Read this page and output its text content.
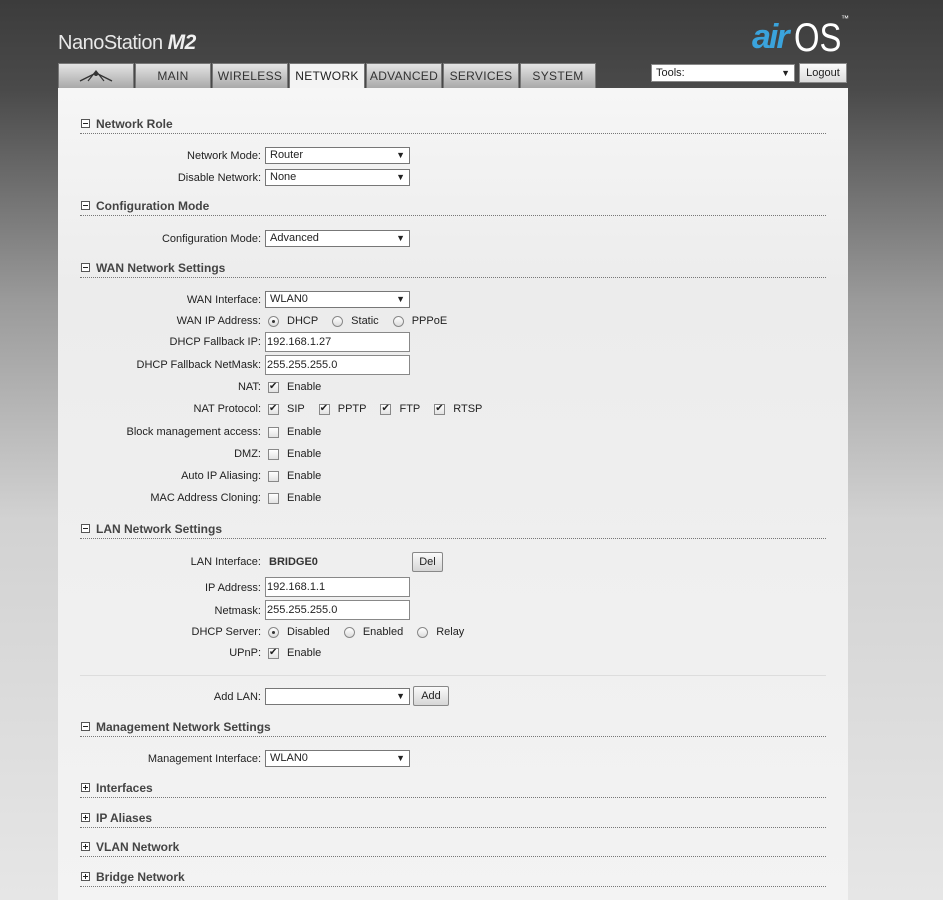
NanoStation M2	air OS ™
MAIN	WIRELESS	NETWORK ADVANCED SERVICES	SYSTEM	Tools:	▼	Logout
Network Role
Network Mode: Router	▼
Disable Network: None	▼
Configuration Mode
Configuration Mode: Advanced	▼
WAN Network Settings
WAN Interface: WLAN0	▼
WAN IP Address: DHCP	Static	PPPoE
DHCP Fallback IP: 192.168.1.27
DHCP Fallback NetMask: 255.255.255.0
NAT: ✔ Enable
NAT Protocol: ✔ SIP ✔	PPTP ✔	FTP ✔	RTSP
Block management access: Enable
DMZ: Enable
Auto IP Aliasing: Enable
MAC Address Cloning: Enable
LAN Network Settings
LAN Interface: BRIDGE0	Del
IP Address: 192.168.1.1
Netmask: 255.255.255.0
DHCP Server: Disabled	Enabled	Relay
UPnP: ✔ Enable
Add LAN:	▼	Add
Management Network Settings
Management Interface: WLAN0	▼
Interfaces
IP Aliases
VLAN Network
Bridge Network
